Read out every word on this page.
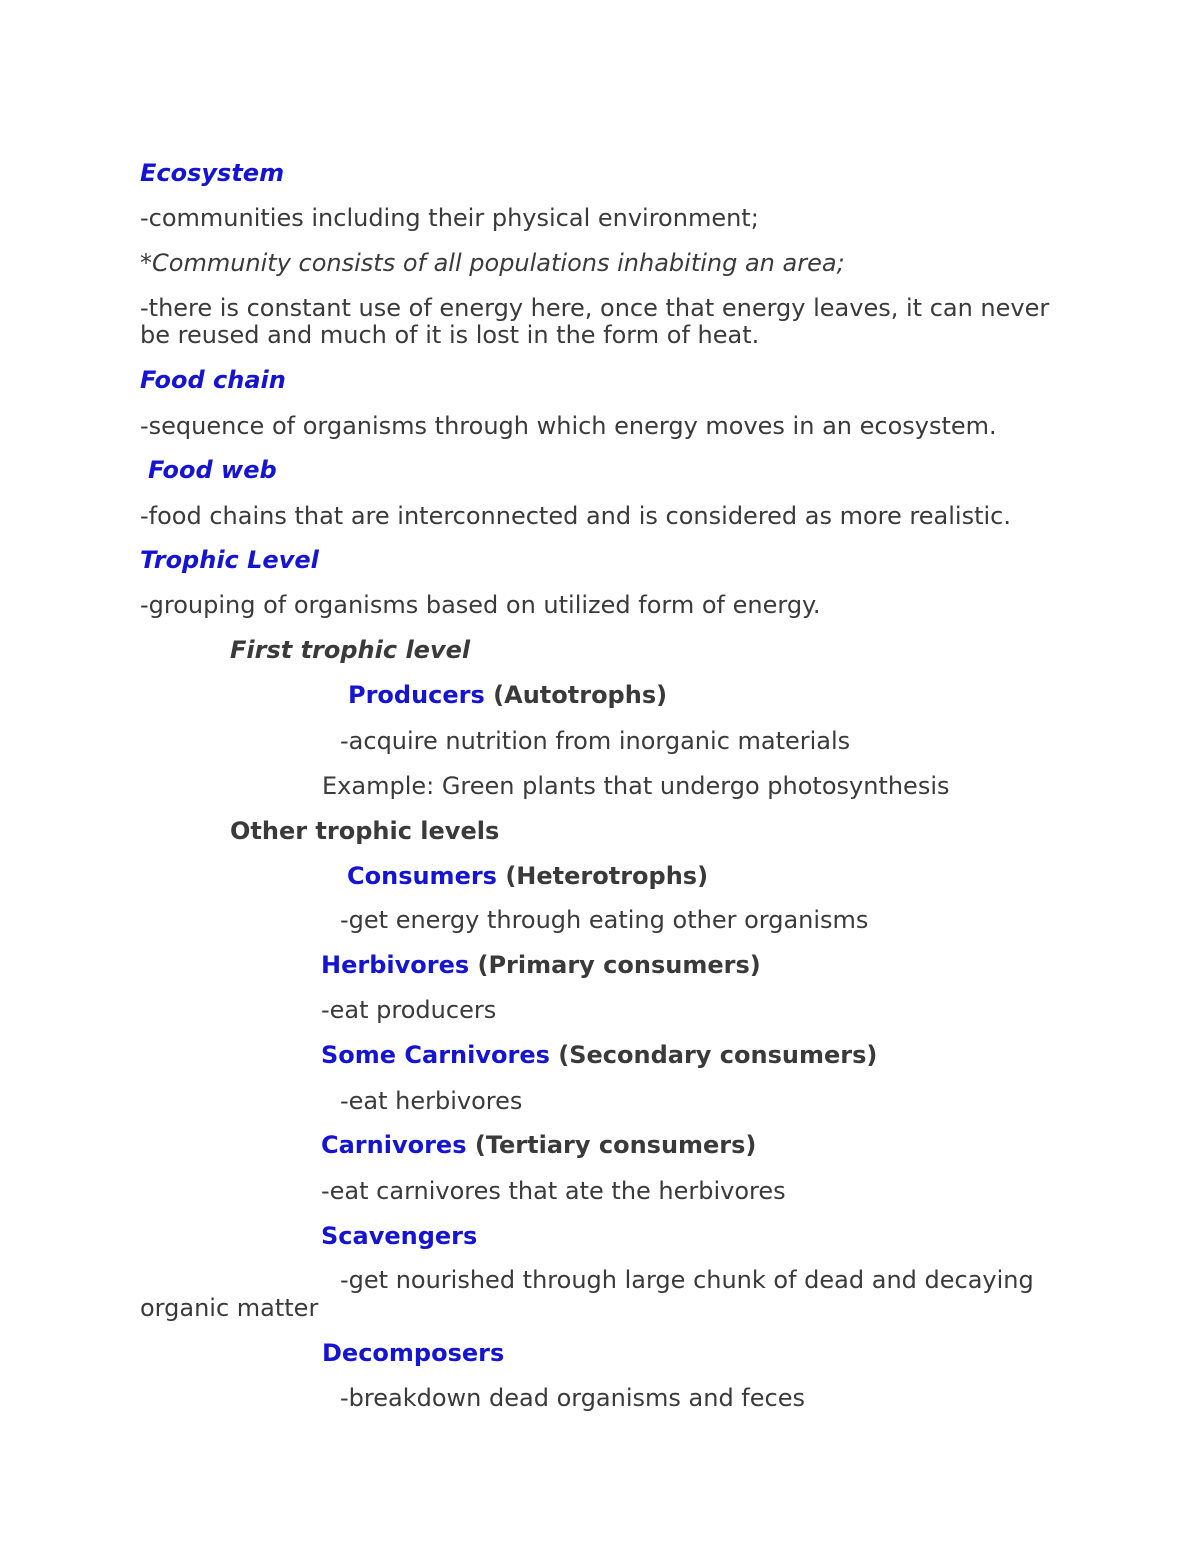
Ecosystem

-communities including their physical environment;

*Community consists of all populations inhabiting an area;

-there is constant use of energy here, once that energy leaves, it can never

be reused and much of it is lost in the form of heat.

Food chain

-sequence of organisms through which energy moves in an ecosystem.

Food web

-food chains that are interconnected and is considered as more realistic.

Trophic Level

-grouping of organisms based on utilized form of energy.

First trophic level

Producers (Autotrophs)

-acquire nutrition from inorganic materials

Example: Green plants that undergo photosynthesis

Other trophic levels

Consumers (Heterotrophs)

-get energy through eating other organisms

Herbivores (Primary consumers)

-eat producers

Some Carnivores (Secondary consumers)

-eat herbivores

Carnivores (Tertiary consumers)

-eat carnivores that ate the herbivores

Scavengers

-get nourished through large chunk of dead and decaying

organic matter

Decomposers

-breakdown dead organisms and feces
